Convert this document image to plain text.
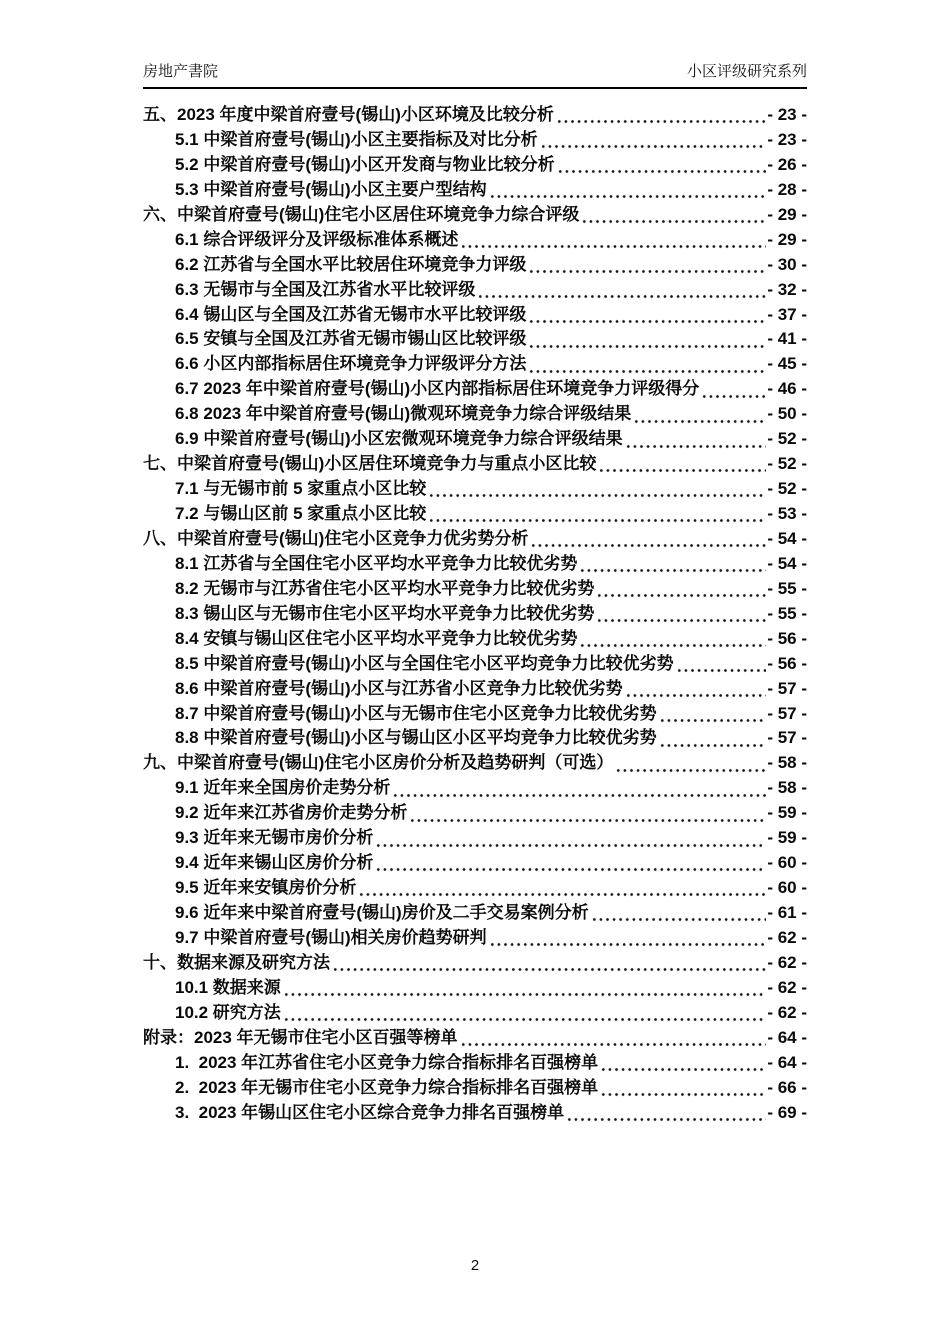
房地产書院	小区评级研究系列
五、2023 年度中梁首府壹号(锡山)小区环境及比较分析	- 23 -
5.1 中梁首府壹号(锡山)小区主要指标及对比分析	- 23 -
5.2 中梁首府壹号(锡山)小区开发商与物业比较分析	- 26 -
5.3 中梁首府壹号(锡山)小区主要户型结构	- 28 -
六、中梁首府壹号(锡山)住宅小区居住环境竞争力综合评级	- 29 -
6.1 综合评级评分及评级标准体系概述	- 29 -
6.2 江苏省与全国水平比较居住环境竞争力评级	- 30 -
6.3 无锡市与全国及江苏省水平比较评级	- 32 -
6.4 锡山区与全国及江苏省无锡市水平比较评级	- 37 -
6.5 安镇与全国及江苏省无锡市锡山区比较评级	- 41 -
6.6 小区内部指标居住环境竞争力评级评分方法	- 45 -
6.7 2023 年中梁首府壹号(锡山)小区内部指标居住环境竞争力评级得分	- 46 -
6.8 2023 年中梁首府壹号(锡山)微观环境竞争力综合评级结果	- 50 -
6.9 中梁首府壹号(锡山)小区宏微观环境竞争力综合评级结果	- 52 -
七、中梁首府壹号(锡山)小区居住环境竞争力与重点小区比较	- 52 -
7.1 与无锡市前 5 家重点小区比较	- 52 -
7.2 与锡山区前 5 家重点小区比较	- 53 -
八、中梁首府壹号(锡山)住宅小区竞争力优劣势分析	- 54 -
8.1 江苏省与全国住宅小区平均水平竞争力比较优劣势	- 54 -
8.2 无锡市与江苏省住宅小区平均水平竞争力比较优劣势	- 55 -
8.3 锡山区与无锡市住宅小区平均水平竞争力比较优劣势	- 55 -
8.4 安镇与锡山区住宅小区平均水平竞争力比较优劣势	- 56 -
8.5 中梁首府壹号(锡山)小区与全国住宅小区平均竞争力比较优劣势	- 56 -
8.6 中梁首府壹号(锡山)小区与江苏省小区竞争力比较优劣势	- 57 -
8.7 中梁首府壹号(锡山)小区与无锡市住宅小区竞争力比较优劣势	- 57 -
8.8 中梁首府壹号(锡山)小区与锡山区小区平均竞争力比较优劣势	- 57 -
九、中梁首府壹号(锡山)住宅小区房价分析及趋势研判（可选）	- 58 -
9.1 近年来全国房价走势分析	- 58 -
9.2 近年来江苏省房价走势分析	- 59 -
9.3 近年来无锡市房价分析	- 59 -
9.4 近年来锡山区房价分析	- 60 -
9.5 近年来安镇房价分析	- 60 -
9.6 近年来中梁首府壹号(锡山)房价及二手交易案例分析	- 61 -
9.7 中梁首府壹号(锡山)相关房价趋势研判	- 62 -
十、数据来源及研究方法	- 62 -
10.1 数据来源	- 62 -
10.2 研究方法	- 62 -
附录：2023 年无锡市住宅小区百强等榜单	- 64 -
1.  2023 年江苏省住宅小区竞争力综合指标排名百强榜单	- 64 -
2.  2023 年无锡市住宅小区竞争力综合指标排名百强榜单	- 66 -
3.  2023 年锡山区住宅小区综合竞争力排名百强榜单	- 69 -
2
